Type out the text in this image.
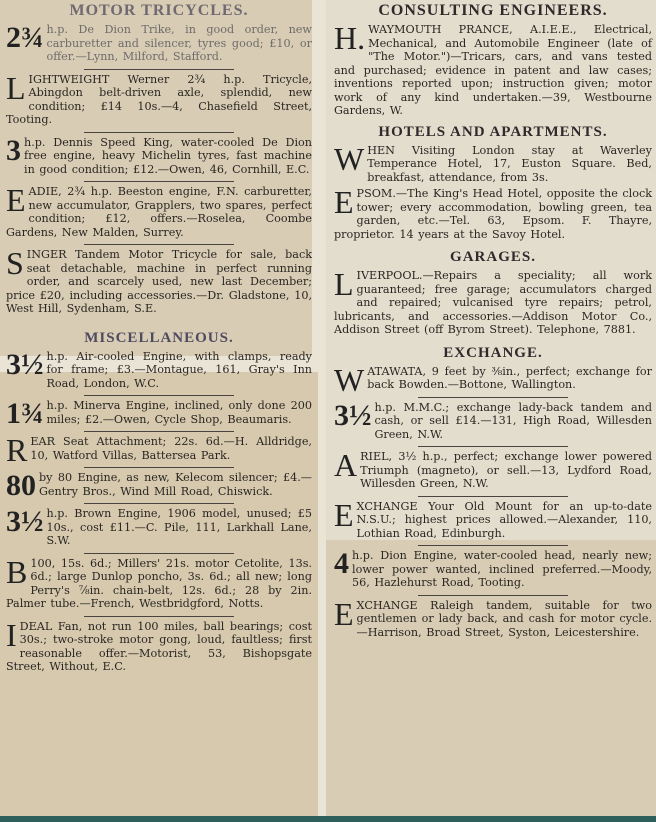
MOTOR TRICYCLES.
2¾ h.p. De Dion Trike, in good order, new carburetter and silencer, tyres good; £10, or offer.—Lynn, Milford, Stafford.
L IGHTWEIGHT Werner 2¾ h.p. Tricycle, Abingdon belt-driven axle, splendid, new condition; £14 10s.—4, Chasefield Street, Tooting.
3 h.p. Dennis Speed King, water-cooled De Dion free engine, heavy Michelin tyres, fast machine in good condition; £12.—Owen, 46, Cornhill, E.C.
E ADIE, 2¾ h.p. Beeston engine, F.N. carburetter, new accumulator, Grapplers, two spares, perfect condition; £12, offers.—Roselea, Coombe Gardens, New Malden, Surrey.
S INGER Tandem Motor Tricycle for sale, back seat detachable, machine in perfect running order, and scarcely used, new last December; price £20, including accessories.—Dr. Gladstone, 10, West Hill, Sydenham, S.E.
MISCELLANEOUS.
3½ h.p. Air-cooled Engine, with clamps, ready for frame; £3.—Montague, 161, Gray's Inn Road, London, W.C.
1¾ h.p. Minerva Engine, inclined, only done 200 miles; £2.—Owen, Cycle Shop, Beaumaris.
R EAR Seat Attachment; 22s. 6d.—H. Alldridge, 10, Watford Villas, Battersea Park.
80 by 80 Engine, as new, Kelecom silencer; £4.—Gentry Bros., Wind Mill Road, Chiswick.
3½ h.p. Brown Engine, 1906 model, unused; £5 10s., cost £11.—C. Pile, 111, Larkhall Lane, S.W.
B 100, 15s. 6d.; Millers' 21s. motor Cetolite, 13s. 6d.; large Dunlop poncho, 3s. 6d.; all new; long Perry's ⅞in. chain-belt, 12s. 6d.; 28 by 2in. Palmer tube.—French, Westbridgford, Notts.
I DEAL Fan, not run 100 miles, ball bearings; cost 30s.; two-stroke motor gong, loud, faultless; first reasonable offer.—Motorist, 53, Bishopsgate Street, Without, E.C.
CONSULTING ENGINEERS.
H. WAYMOUTH PRANCE, A.I.E.E., Electrical, Mechanical, and Automobile Engineer (late of "The Motor.")—Tricars, cars, and vans tested and purchased; evidence in patent and law cases; inventions reported upon; instruction given; motor work of any kind undertaken.—39, Westbourne Gardens, W.
HOTELS AND APARTMENTS.
W HEN Visiting London stay at Waverley Temperance Hotel, 17, Euston Square. Bed, breakfast, attendance, from 3s.
E PSOM.—The King's Head Hotel, opposite the clock tower; every accommodation, bowling green, tea garden, etc.—Tel. 63, Epsom. F. Thayre, proprietor. 14 years at the Savoy Hotel.
GARAGES.
L IVERPOOL.—Repairs a speciality; all work guaranteed; free garage; accumulators charged and repaired; vulcanised tyre repairs; petrol, lubricants, and accessories.—Addison Motor Co., Addison Street (off Byrom Street). Telephone, 7881.
EXCHANGE.
W ATAWATA, 9 feet by ⅜in., perfect; exchange for back Bowden.—Bottone, Wallington.
3½ h.p. M.M.C.; exchange lady-back tandem and cash, or sell £14.—131, High Road, Willesden Green, N.W.
A RIEL, 3½ h.p., perfect; exchange lower powered Triumph (magneto), or sell.—13, Lydford Road, Willesden Green, N.W.
E XCHANGE Your Old Mount for an up-to-date N.S.U.; highest prices allowed.—Alexander, 110, Lothian Road, Edinburgh.
4 h.p. Dion Engine, water-cooled head, nearly new; lower power wanted, inclined preferred.—Moody, 56, Hazlehurst Road, Tooting.
E XCHANGE Raleigh tandem, suitable for two gentlemen or lady back, and cash for motor cycle.—Harrison, Broad Street, Syston, Leicestershire.
